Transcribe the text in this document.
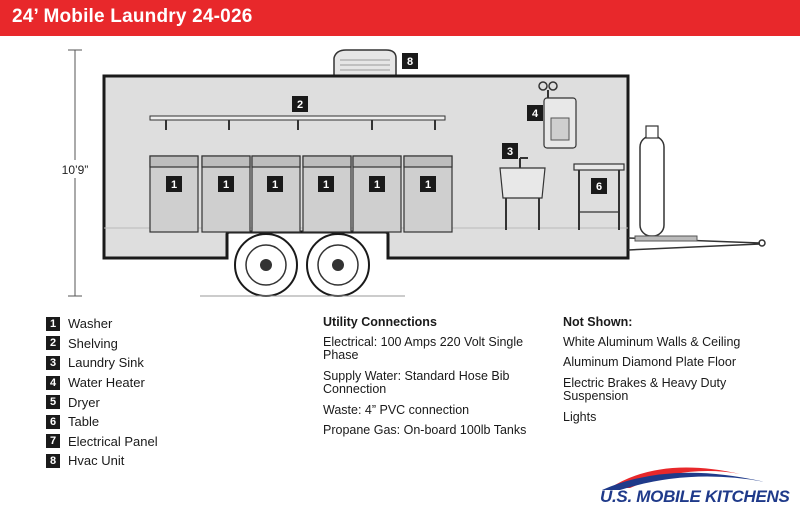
24’ Mobile Laundry 24-026
10’9”
8
2
1	1	1	1	1	1
3
4
6
1 Washer
2 Shelving
3 Laundry Sink
4 Water Heater
5 Dryer
6 Table
7 Electrical Panel
8 Hvac Unit
Utility Connections
Electrical: 100 Amps 220 Volt Single Phase
Supply Water: Standard Hose Bib Connection
Waste: 4” PVC connection
Propane Gas: On-board 100lb Tanks
Not Shown:
White Aluminum Walls & Ceiling
Aluminum Diamond Plate Floor
Electric Brakes & Heavy Duty Suspension
Lights
U.S. MOBILE KITCHENS
